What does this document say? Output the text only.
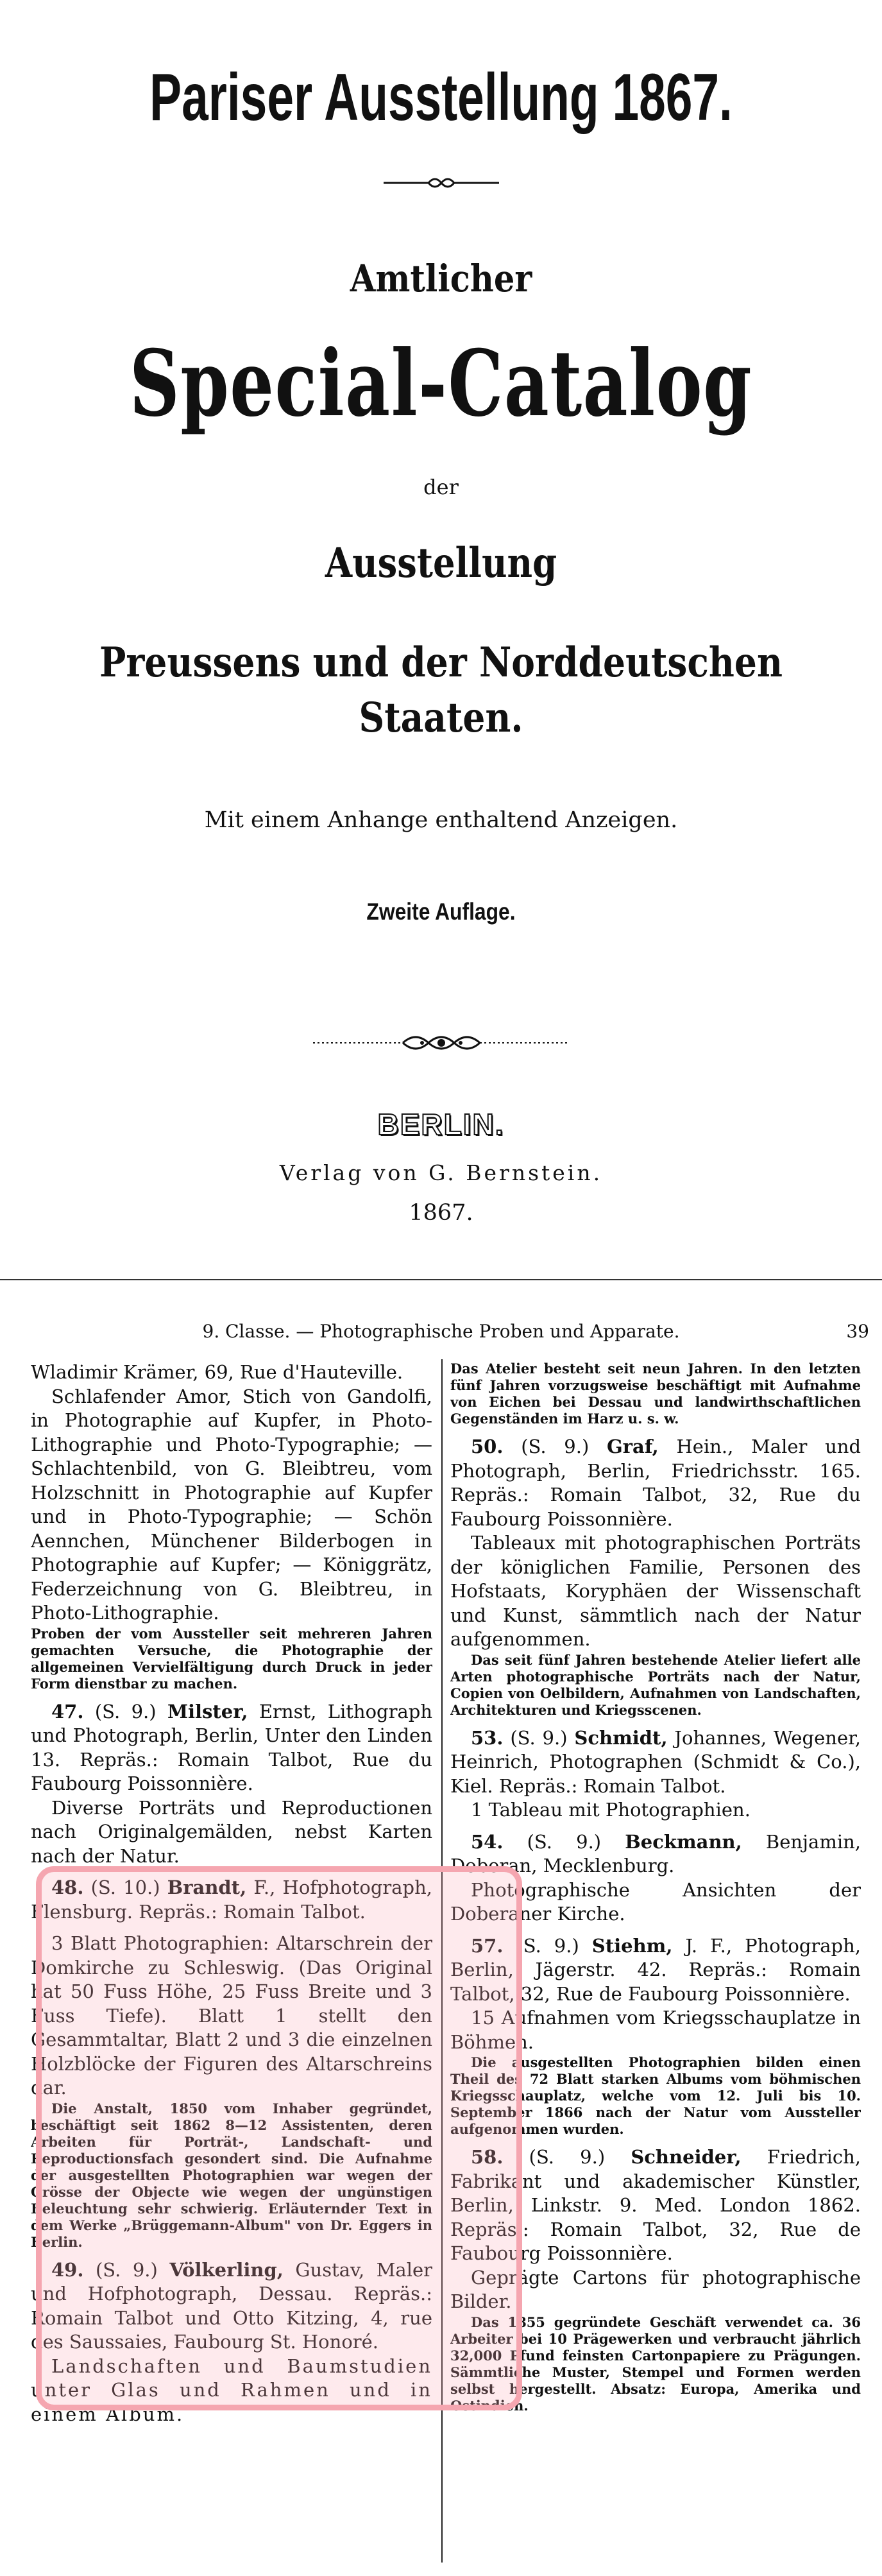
Pariser Ausstellung 1867.
Amtlicher
Special-Catalog
der
Ausstellung
Preussens und der Norddeutschen
Staaten.
Mit einem Anhange enthaltend Anzeigen.
Zweite Auflage.
BERLIN.
Verlag von G. Bernstein.
1867.
9. Classe. — Photographische Proben und Apparate.	39

Wladimir Krämer, 69, Rue d'Hauteville.

Schlafender Amor, Stich von Gandolfi, in Photographie auf Kupfer, in Photo-Lithographie und Photo-Typographie; — Schlachtenbild, von G. Bleibtreu, vom Holzschnitt in Photographie auf Kupfer und in Photo-Typographie; — Schön Aennchen, Münchener Bilderbogen in Photographie auf Kupfer; — Königgrätz, Federzeichnung von G. Bleibtreu, in Photo-Lithographie.

Proben der vom Aussteller seit mehreren Jahren gemachten Versuche, die Photographie der allgemeinen Vervielfältigung durch Druck in jeder Form dienstbar zu machen.

47. (S. 9.) Milster, Ernst, Lithograph und Photograph, Berlin, Unter den Linden 13. Repräs.: Romain Talbot, Rue du Faubourg Poissonnière.

Diverse Porträts und Reproductionen nach Originalgemälden, nebst Karten nach der Natur.

48. (S. 10.) Brandt, F., Hofphotograph, Flensburg. Repräs.: Romain Talbot.

3 Blatt Photographien: Altarschrein der Domkirche zu Schleswig. (Das Original hat 50 Fuss Höhe, 25 Fuss Breite und 3 Fuss Tiefe). Blatt 1 stellt den Gesammtaltar, Blatt 2 und 3 die einzelnen Holzblöcke der Figuren des Altarschreins dar.

Die Anstalt, 1850 vom Inhaber gegründet, beschäftigt seit 1862 8—12 Assistenten, deren Arbeiten für Porträt-, Landschaft- und Reproductionsfach gesondert sind. Die Aufnahme der ausgestellten Photographien war wegen der Grösse der Objecte wie wegen der ungünstigen Beleuchtung sehr schwierig. Erläuternder Text in dem Werke „Brüggemann-Album" von Dr. Eggers in Berlin.

49. (S. 9.) Völkerling, Gustav, Maler und Hofphotograph, Dessau. Repräs.: Romain Talbot und Otto Kitzing, 4, rue des Saussaies, Faubourg St. Honoré.

Landschaften und Baumstudien unter Glas und Rahmen und in einem Album.

Das Atelier besteht seit neun Jahren. In den letzten fünf Jahren vorzugsweise beschäftigt mit Aufnahme von Eichen bei Dessau und landwirthschaftlichen Gegenständen im Harz u. s. w.

50. (S. 9.) Graf, Hein., Maler und Photograph, Berlin, Friedrichsstr. 165. Repräs.: Romain Talbot, 32, Rue du Faubourg Poissonnière.

Tableaux mit photographischen Porträts der königlichen Familie, Personen des Hofstaats, Koryphäen der Wissenschaft und Kunst, sämmtlich nach der Natur aufgenommen.

Das seit fünf Jahren bestehende Atelier liefert alle Arten photographische Porträts nach der Natur, Copien von Oelbildern, Aufnahmen von Landschaften, Architekturen und Kriegsscenen.

53. (S. 9.) Schmidt, Johannes, Wegener, Heinrich, Photographen (Schmidt & Co.), Kiel. Repräs.: Romain Talbot.

1 Tableau mit Photographien.

54. (S. 9.) Beckmann, Benjamin, Doberan, Mecklenburg.

Photographische Ansichten der Doberaner Kirche.

57. (S. 9.) Stiehm, J. F., Photograph, Berlin, Jägerstr. 42. Repräs.: Romain Talbot, 32, Rue de Faubourg Poissonnière.

15 Aufnahmen vom Kriegsschauplatze in Böhmen.

Die ausgestellten Photographien bilden einen Theil des 72 Blatt starken Albums vom böhmischen Kriegsschauplatz, welche vom 12. Juli bis 10. September 1866 nach der Natur vom Aussteller aufgenommen wurden.

58. (S. 9.) Schneider, Friedrich, Fabrikant und akademischer Künstler, Berlin, Linkstr. 9. Med. London 1862. Repräs.: Romain Talbot, 32, Rue de Faubourg Poissonnière.

Geprägte Cartons für photographische Bilder.

Das 1855 gegründete Geschäft verwendet ca. 36 Arbeiter bei 10 Prägewerken und verbraucht jährlich 32,000 Pfund feinsten Cartonpapiere zu Prägungen. Sämmtliche Muster, Stempel und Formen werden selbst hergestellt. Absatz: Europa, Amerika und Ostindien.
